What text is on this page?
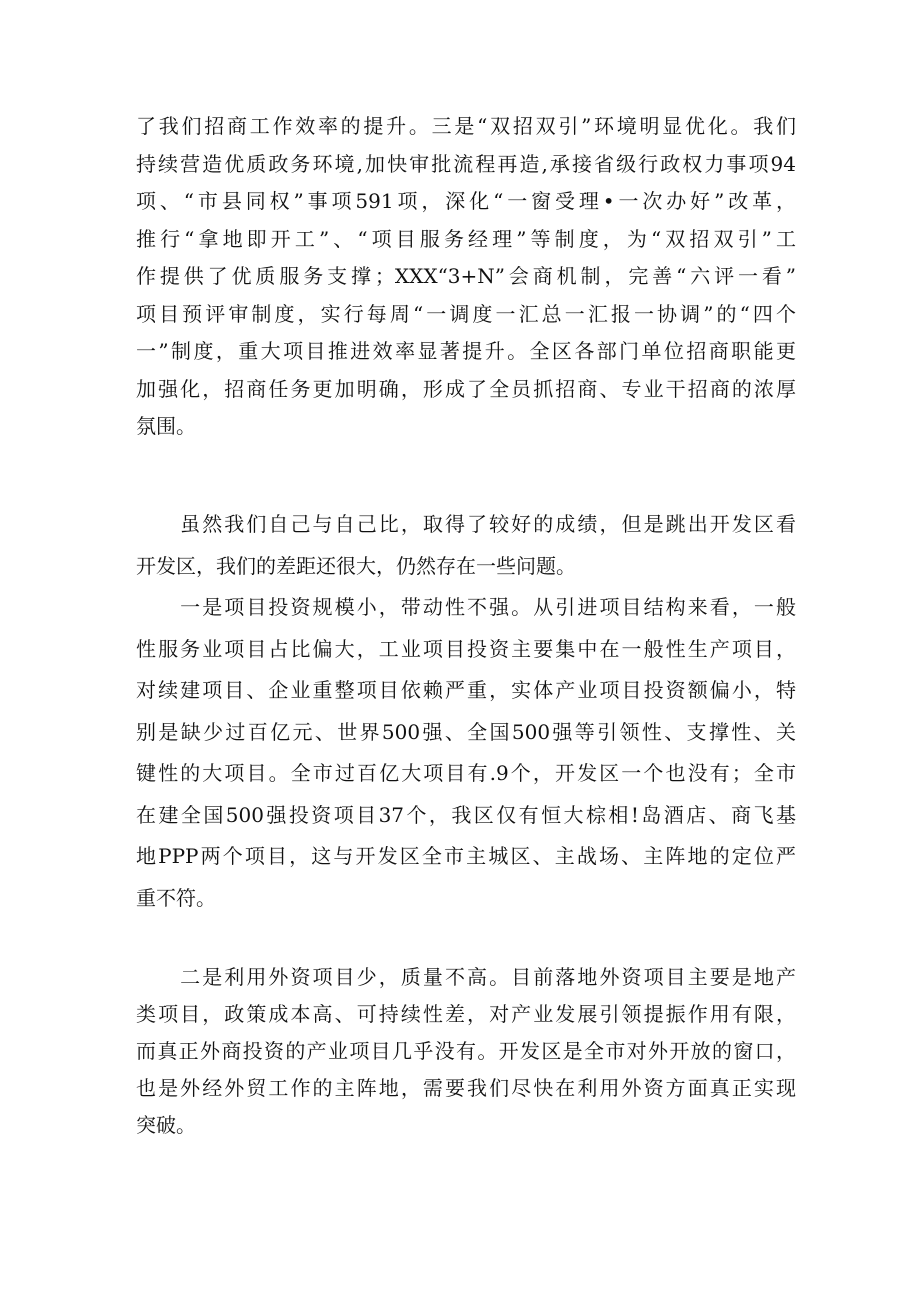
了我们招商工作效率的提升。三是“双招双引”环境明显优化。我们
持续营造优质政务环境,加快审批流程再造,承接省级行政权力事项94
项、“市县同权”事项591项，深化“一窗受理•一次办好”改革，
推行“拿地即开工”、“项目服务经理”等制度，为“双招双引”工
作提供了优质服务支撑；XXX“3+N”会商机制，完善“六评一看”
项目预评审制度，实行每周“一调度一汇总一汇报一协调”的“四个
一”制度，重大项目推进效率显著提升。全区各部门单位招商职能更
加强化，招商任务更加明确，形成了全员抓招商、专业干招商的浓厚
氛围。
　　虽然我们自己与自己比，取得了较好的成绩，但是跳出开发区看
开发区，我们的差距还很大，仍然存在一些问题。
　　一是项目投资规模小，带动性不强。从引进项目结构来看，一般
性服务业项目占比偏大，工业项目投资主要集中在一般性生产项目，
对续建项目、企业重整项目依赖严重，实体产业项目投资额偏小，特
别是缺少过百亿元、世界500强、全国500强等引领性、支撑性、关
键性的大项目。全市过百亿大项目有.9个，开发区一个也没有；全市
在建全国500强投资项目37个，我区仅有恒大棕相!岛酒店、商飞基
地PPP两个项目，这与开发区全市主城区、主战场、主阵地的定位严
重不符。
　　二是利用外资项目少，质量不高。目前落地外资项目主要是地产
类项目，政策成本高、可持续性差，对产业发展引领提振作用有限，
而真正外商投资的产业项目几乎没有。开发区是全市对外开放的窗口，
也是外经外贸工作的主阵地，需要我们尽快在利用外资方面真正实现
突破。
